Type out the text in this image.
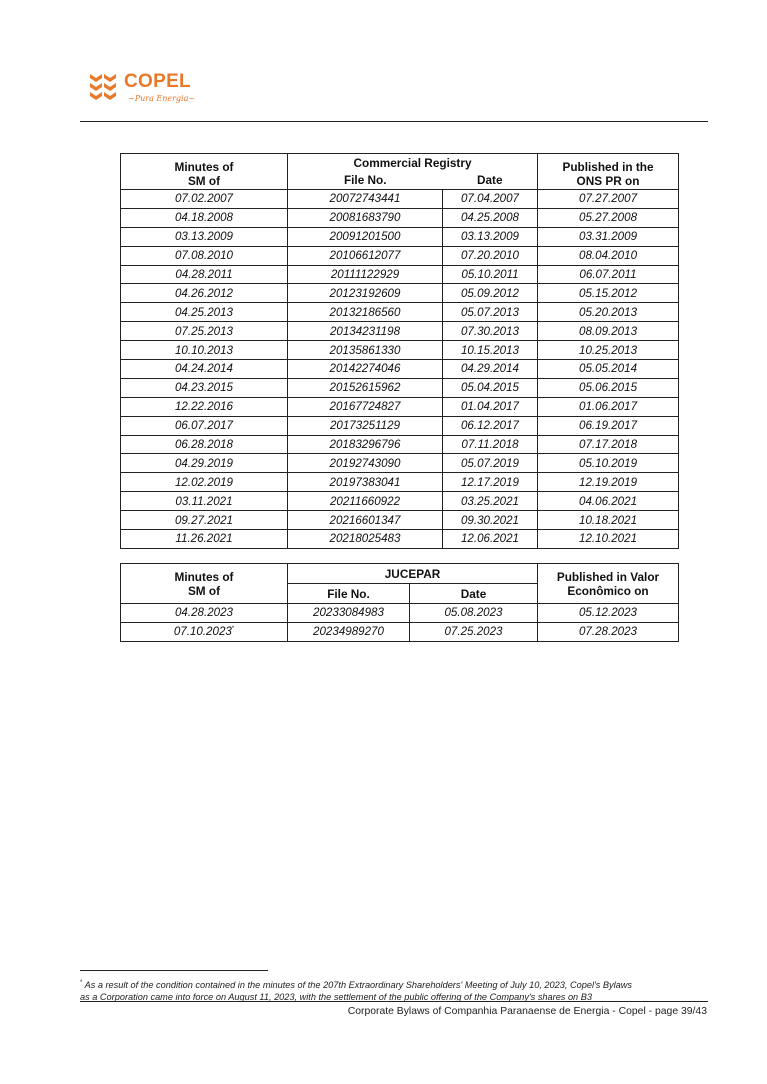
COPEL
~Pura Energia~
Minutes of
SM of	Commercial Registry		Published in the
ONS PR on

	File No.	Date	
07.02.2007	20072743441	07.04.2007	07.27.2007
04.18.2008	20081683790	04.25.2008	05.27.2008
03.13.2009	20091201500	03.13.2009	03.31.2009
07.08.2010	20106612077	07.20.2010	08.04.2010
04.28.2011	20111122929	05.10.2011	06.07.2011
04.26.2012	20123192609	05.09.2012	05.15.2012
04.25.2013	20132186560	05.07.2013	05.20.2013
07.25.2013	20134231198	07.30.2013	08.09.2013
10.10.2013	20135861330	10.15.2013	10.25.2013
04.24.2014	20142274046	04.29.2014	05.05.2014
04.23.2015	20152615962	05.04.2015	05.06.2015
12.22.2016	20167724827	01.04.2017	01.06.2017
06.07.2017	20173251129	06.12.2017	06.19.2017
06.28.2018	20183296796	07.11.2018	07.17.2018
04.29.2019	20192743090	05.07.2019	05.10.2019
12.02.2019	20197383041	12.17.2019	12.19.2019
03.11.2021	20211660922	03.25.2021	04.06.2021
09.27.2021	20216601347	09.30.2021	10.18.2021
11.26.2021	20218025483	12.06.2021	12.10.2021
Minutes of
SM of	JUCEPAR		Published in Valor
Econômico on

	File No.	Date	
04.28.2023	20233084983	05.08.2023	05.12.2023
07.10.2023*	20234989270	07.25.2023	07.28.2023
* As a result of the condition contained in the minutes of the 207th Extraordinary Shareholders' Meeting of July 10, 2023, Copel's Bylaws
as a Corporation came into force on August 11, 2023, with the settlement of the public offering of the Company's shares on B3
Corporate Bylaws of Companhia Paranaense de Energia - Copel - page 39/43
